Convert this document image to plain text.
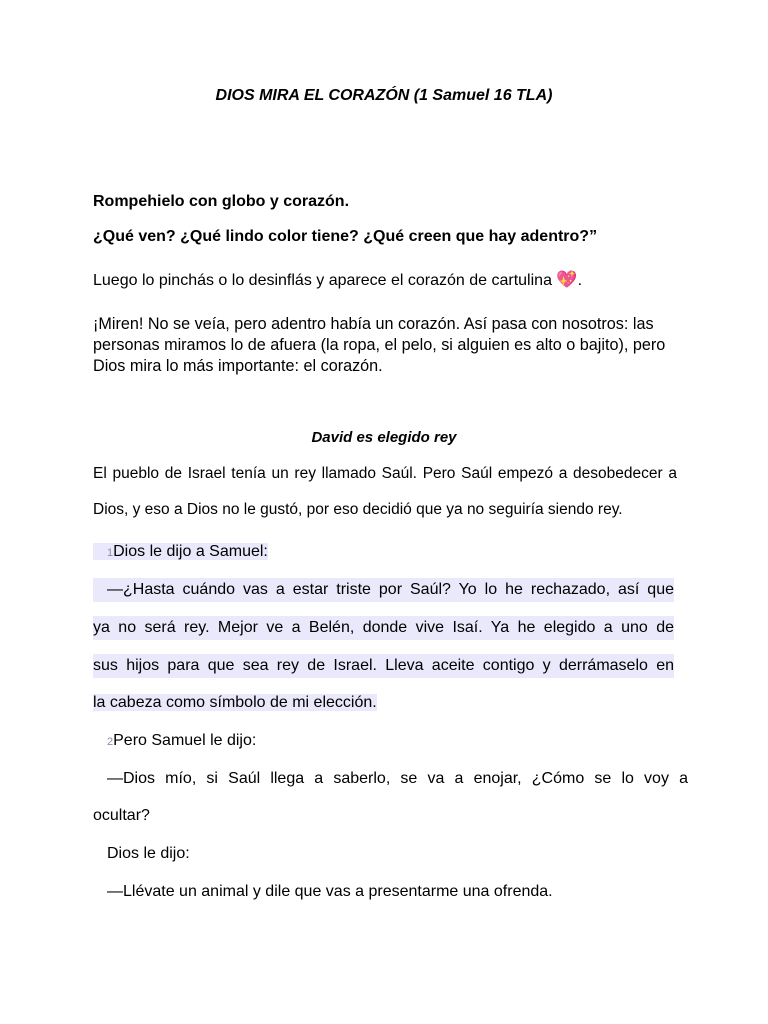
DIOS MIRA EL CORAZÓN (1 Samuel 16 TLA)
Rompehielo con globo y corazón.
¿Qué ven? ¿Qué lindo color tiene? ¿Qué creen que hay adentro?”
Luego lo pinchás o lo desinflás y aparece el corazón de cartulina 💖.
¡Miren! No se veía, pero adentro había un corazón. Así pasa con nosotros: las personas miramos lo de afuera (la ropa, el pelo, si alguien es alto o bajito), pero Dios mira lo más importante: el corazón.
David es elegido rey
El pueblo de Israel tenía un rey llamado Saúl. Pero Saúl empezó a desobedecer a Dios, y eso a Dios no le gustó, por eso decidió que ya no seguiría siendo rey.
1Dios le dijo a Samuel:
—¿Hasta cuándo vas a estar triste por Saúl? Yo lo he rechazado, así que
ya no será rey. Mejor ve a Belén, donde vive Isaí. Ya he elegido a uno de
sus hijos para que sea rey de Israel. Lleva aceite contigo y derrámaselo en
la cabeza como símbolo de mi elección.
2Pero Samuel le dijo:
—Dios mío, si Saúl llega a saberlo, se va a enojar, ¿Cómo se lo voy a
ocultar?
Dios le dijo:
—Llévate un animal y dile que vas a presentarme una ofrenda.
